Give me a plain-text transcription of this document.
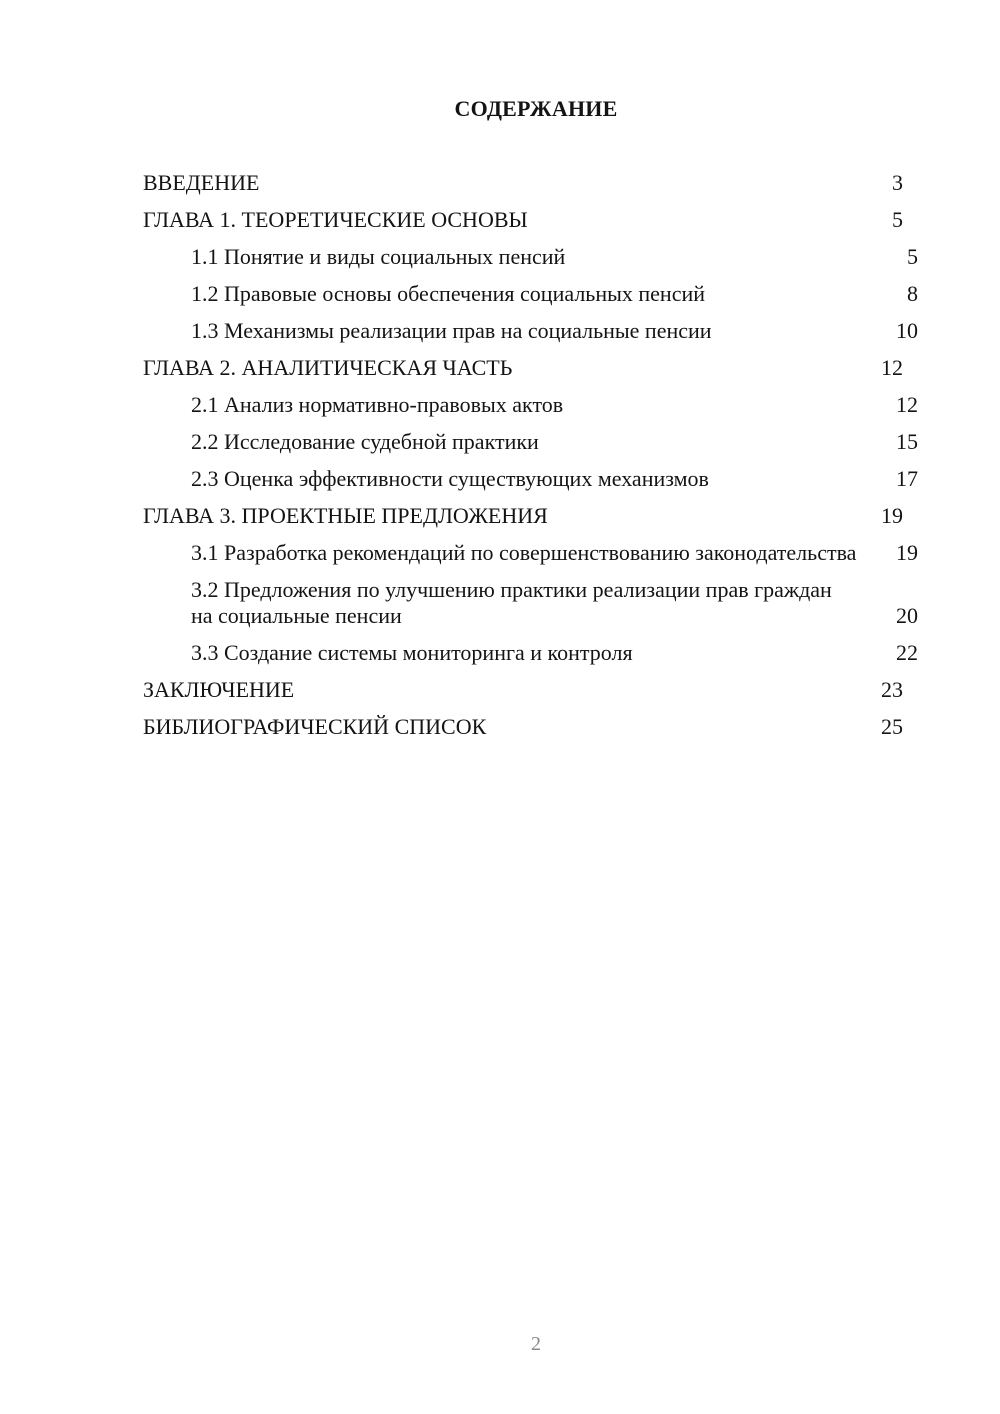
СОДЕРЖАНИЕ
ВВЕДЕНИЕ	3
ГЛАВА 1. ТЕОРЕТИЧЕСКИЕ ОСНОВЫ	5
1.1 Понятие и виды социальных пенсий	5
1.2 Правовые основы обеспечения социальных пенсий	8
1.3 Механизмы реализации прав на социальные пенсии	10
ГЛАВА 2. АНАЛИТИЧЕСКАЯ ЧАСТЬ	12
2.1 Анализ нормативно-правовых актов	12
2.2 Исследование судебной практики	15
2.3 Оценка эффективности существующих механизмов	17
ГЛАВА 3. ПРОЕКТНЫЕ ПРЕДЛОЖЕНИЯ	19
3.1 Разработка рекомендаций по совершенствованию законодательства	19
3.2 Предложения по улучшению практики реализации прав граждан на социальные пенсии	20
3.3 Создание системы мониторинга и контроля	22
ЗАКЛЮЧЕНИЕ	23
БИБЛИОГРАФИЧЕСКИЙ СПИСОК	25
2
